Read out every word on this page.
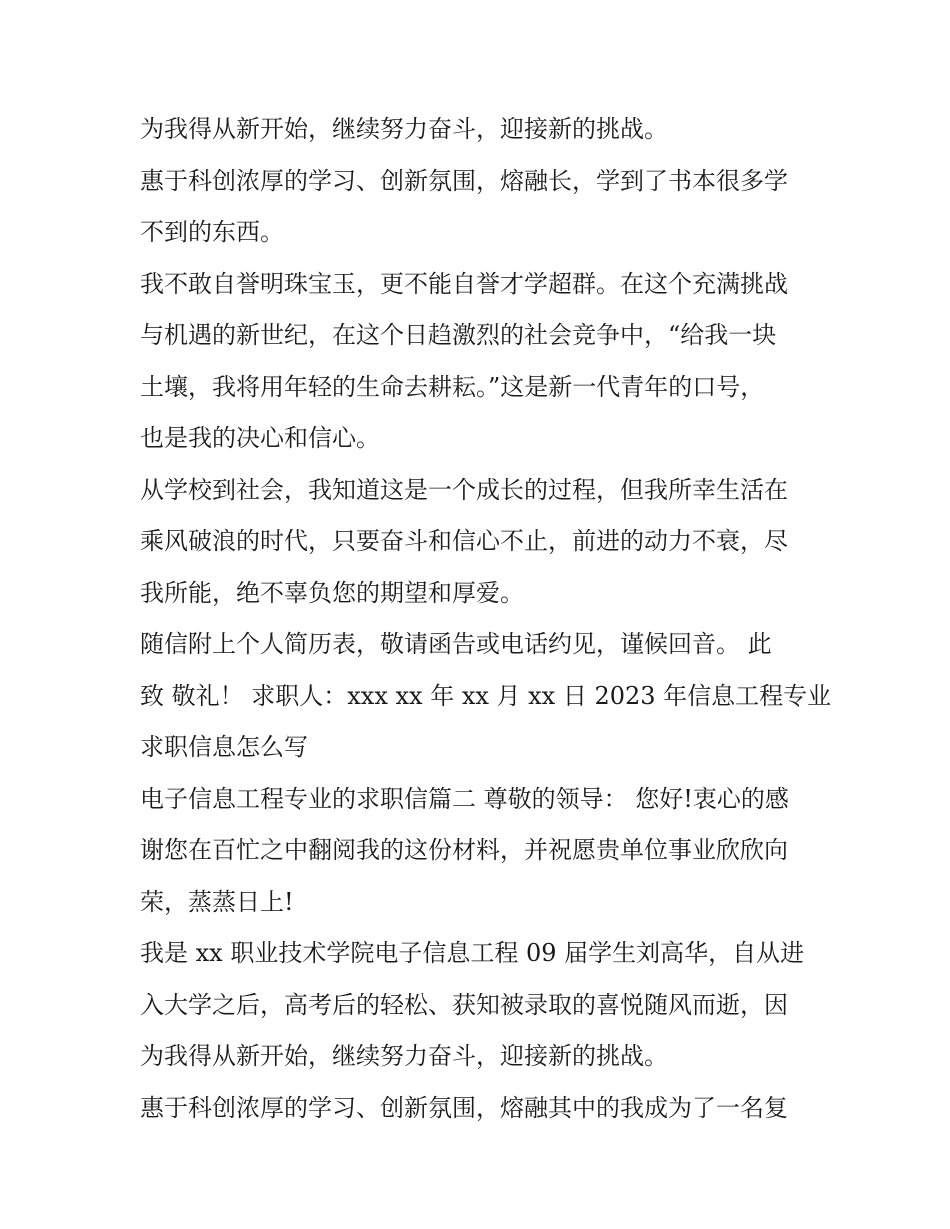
为我得从新开始，继续努力奋斗，迎接新的挑战。
惠于科创浓厚的学习、创新氛围，熔融长，学到了书本很多学
不到的东西。
我不敢自誉明珠宝玉，更不能自誉才学超群。在这个充满挑战
与机遇的新世纪，在这个日趋激烈的社会竞争中，“给我一块
土壤，我将用年轻的生命去耕耘。”这是新一代青年的口号，
也是我的决心和信心。
从学校到社会，我知道这是一个成长的过程，但我所幸生活在
乘风破浪的时代，只要奋斗和信心不止，前进的动力不衰，尽
我所能，绝不辜负您的期望和厚爱。
随信附上个人简历表，敬请函告或电话约见，谨候回音。 此
致 敬礼！ 求职人：xxx xx 年 xx 月 xx 日 2023 年信息工程专业
求职信息怎么写
电子信息工程专业的求职信篇二 尊敬的领导： 您好!衷心的感
谢您在百忙之中翻阅我的这份材料，并祝愿贵单位事业欣欣向
荣，蒸蒸日上!
我是 xx 职业技术学院电子信息工程 09 届学生刘高华，自从进
入大学之后，高考后的轻松、获知被录取的喜悦随风而逝，因
为我得从新开始，继续努力奋斗，迎接新的挑战。
惠于科创浓厚的学习、创新氛围，熔融其中的我成为了一名复
